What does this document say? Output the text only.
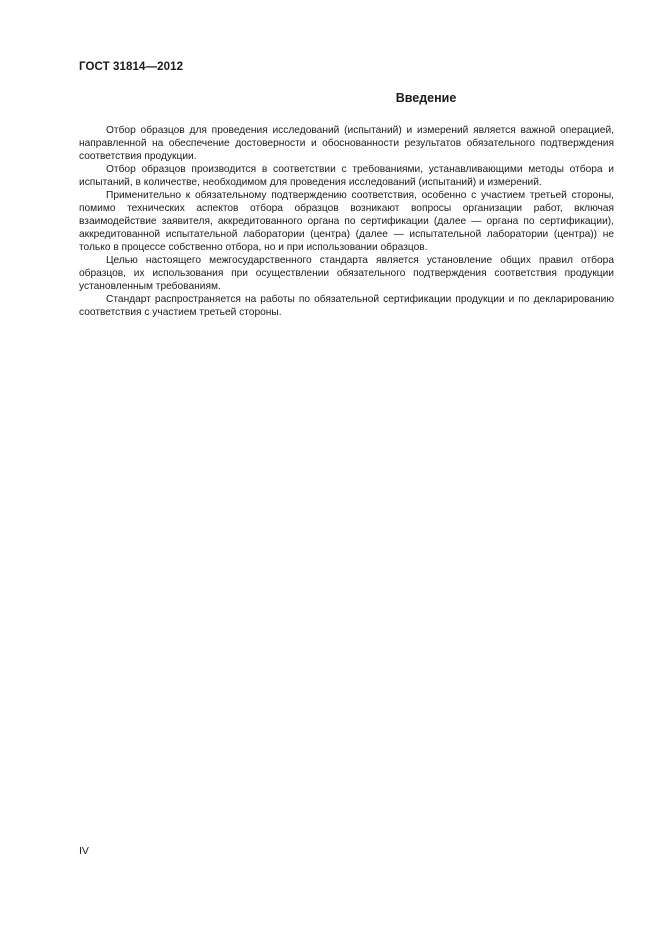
ГОСТ 31814—2012
Введение

Отбор образцов для проведения исследований (испытаний) и измерений является важной операцией, направленной на обеспечение достоверности и обоснованности результатов обязательного подтверждения соответствия продукции.

Отбор образцов производится в соответствии с требованиями, устанавливающими методы отбора и испытаний, в количестве, необходимом для проведения исследований (испытаний) и измерений.

Применительно к обязательному подтверждению соответствия, особенно с участием третьей стороны, помимо технических аспектов отбора образцов возникают вопросы организации работ, включая взаимодействие заявителя, аккредитованного органа по сертификации (далее — органа по сертификации), аккредитованной испытательной лаборатории (центра) (далее — испытательной лаборатории (центра)) не только в процессе собственно отбора, но и при использовании образцов.

Целью настоящего межгосударственного стандарта является установление общих правил отбора образцов, их использования при осуществлении обязательного подтверждения соответствия продукции установленным требованиям.

Стандарт распространяется на работы по обязательной сертификации продукции и по декларированию соответствия с участием третьей стороны.

IV
